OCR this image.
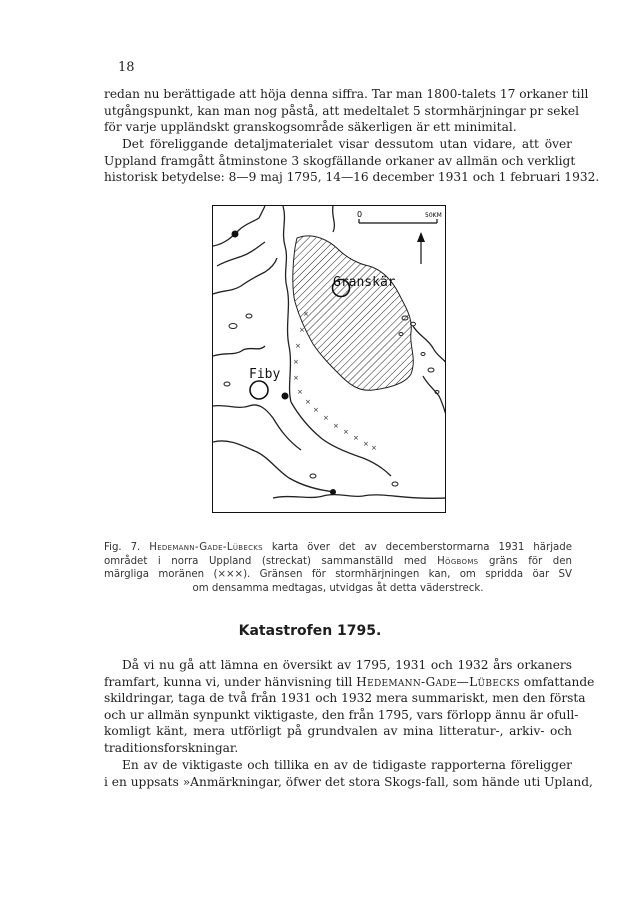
18
redan nu berättigade att höja denna siffra. Tar man 1800-talets 17 orkaner till
utgångspunkt, kan man nog påstå, att medeltalet 5 stormhärjningar pr sekel
för varje uppländskt granskogsområde säkerligen är ett minimital.
Det föreliggande detaljmaterialet visar dessutom utan vidare, att över
Uppland framgått åtminstone 3 skogfällande orkaner av allmän och verkligt
historisk betydelse: 8—9 maj 1795, 14—16 december 1931 och 1 februari 1932.
0	50KM
× × × × × × ××× ××× × ×
Granskär
Fiby
Fig. 7. Hedemann-Gade-Lübecks karta över det av decemberstormarna 1931 härjade
området i norra Uppland (streckat) sammanställd med Högboms gräns för den
märgliga moränen (×××). Gränsen för stormhärjningen kan, om spridda öar SV
om densamma medtagas, utvidgas åt detta väderstreck.
Katastrofen 1795.
Då vi nu gå att lämna en översikt av 1795, 1931 och 1932 års orkaners
framfart, kunna vi, under hänvisning till Hedemann-Gade—Lübecks omfattande
skildringar, taga de två från 1931 och 1932 mera summariskt, men den första
och ur allmän synpunkt viktigaste, den från 1795, vars förlopp ännu är ofull-
komligt känt, mera utförligt på grundvalen av mina litteratur-, arkiv- och
traditionsforskningar.
En av de viktigaste och tillika en av de tidigaste rapporterna föreligger
i en uppsats »Anmärkningar, öfwer det stora Skogs-fall, som hände uti Upland,
